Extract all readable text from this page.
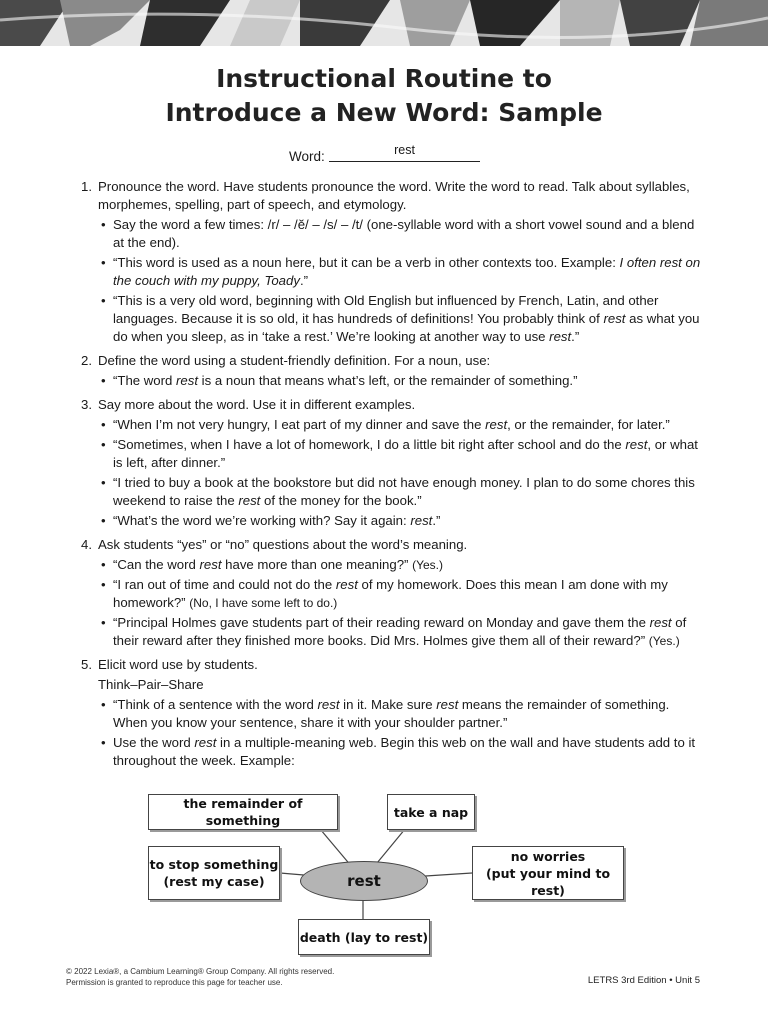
Instructional Routine to
Introduce a New Word: Sample
Word:	rest
1. Pronounce the word. Have students pronounce the word. Write the word to read. Talk about syllables, morphemes, spelling, part of speech, and etymology.
• Say the word a few times: /r/ – /ĕ/ – /s/ – /t/ (one-syllable word with a short vowel sound and a blend at the end).
• “This word is used as a noun here, but it can be a verb in other contexts too. Example: I often rest on the couch with my puppy, Toady.”
• “This is a very old word, beginning with Old English but influenced by French, Latin, and other languages. Because it is so old, it has hundreds of definitions! You probably think of rest as what you do when you sleep, as in ‘take a rest.’ We’re looking at another way to use rest.”
2. Define the word using a student-friendly definition. For a noun, use:
• “The word rest is a noun that means what’s left, or the remainder of something.”
3. Say more about the word. Use it in different examples.
• “When I’m not very hungry, I eat part of my dinner and save the rest, or the remainder, for later.”
• “Sometimes, when I have a lot of homework, I do a little bit right after school and do the rest, or what is left, after dinner.”
• “I tried to buy a book at the bookstore but did not have enough money. I plan to do some chores this weekend to raise the rest of the money for the book.”
• “What’s the word we’re working with? Say it again: rest.”
4. Ask students “yes” or “no” questions about the word’s meaning.
• “Can the word rest have more than one meaning?” (Yes.)
• “I ran out of time and could not do the rest of my homework. Does this mean I am done with my homework?” (No, I have some left to do.)
• “Principal Holmes gave students part of their reading reward on Monday and gave them the rest of their reward after they finished more books. Did Mrs. Holmes give them all of their reward?” (Yes.)
5. Elicit word use by students.
Think–Pair–Share
• “Think of a sentence with the word rest in it. Make sure rest means the remainder of something. When you know your sentence, share it with your shoulder partner.”
• Use the word rest in a multiple-meaning web. Begin this web on the wall and have students add to it throughout the week. Example:
the remainder of something
take a nap
to stop something
(rest my case)	rest
no worries
(put your mind to rest)
death (lay to rest)
© 2022 Lexia®, a Cambium Learning® Group Company. All rights reserved.
Permission is granted to reproduce this page for teacher use.	LETRS 3rd Edition • Unit 5
